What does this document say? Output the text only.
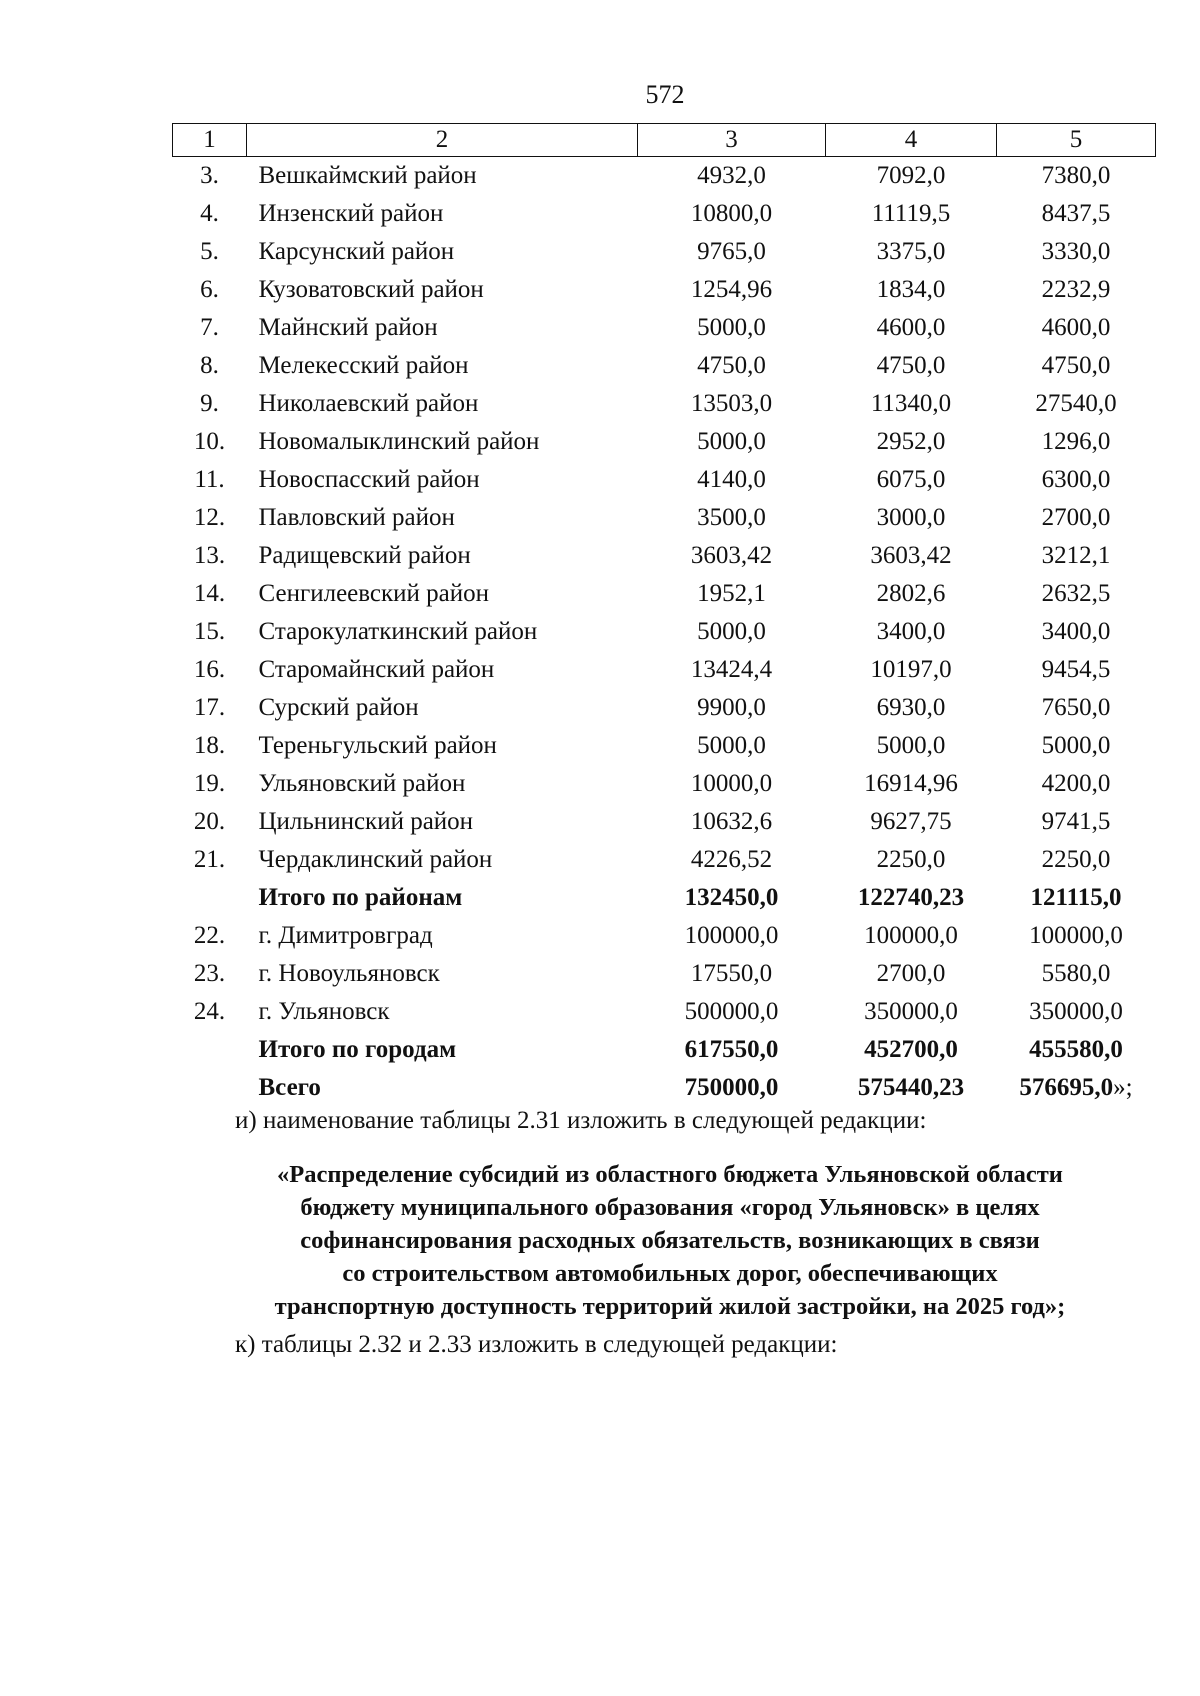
572
1	2	3	4	5
3.	Вешкаймский район	4932,0	7092,0	7380,0
4.	Инзенский район	10800,0	11119,5	8437,5
5.	Карсунский район	9765,0	3375,0	3330,0
6.	Кузоватовский район	1254,96	1834,0	2232,9
7.	Майнский район	5000,0	4600,0	4600,0
8.	Мелекесский район	4750,0	4750,0	4750,0
9.	Николаевский район	13503,0	11340,0	27540,0
10.	Новомалыклинский район	5000,0	2952,0	1296,0
11.	Новоспасский район	4140,0	6075,0	6300,0
12.	Павловский район	3500,0	3000,0	2700,0
13.	Радищевский район	3603,42	3603,42	3212,1
14.	Сенгилеевский район	1952,1	2802,6	2632,5
15.	Старокулаткинский район	5000,0	3400,0	3400,0
16.	Старомайнский район	13424,4	10197,0	9454,5
17.	Сурский район	9900,0	6930,0	7650,0
18.	Тереньгульский район	5000,0	5000,0	5000,0
19.	Ульяновский район	10000,0	16914,96	4200,0
20.	Цильнинский район	10632,6	9627,75	9741,5
21.	Чердаклинский район	4226,52	2250,0	2250,0
	Итого по районам	132450,0	122740,23	121115,0
22.	г. Димитровград	100000,0	100000,0	100000,0
23.	г. Новоульяновск	17550,0	2700,0	5580,0
24.	г. Ульяновск	500000,0	350000,0	350000,0
	Итого по городам	617550,0	452700,0	455580,0
	Всего	750000,0	575440,23	576695,0»;
и) наименование таблицы 2.31 изложить в следующей редакции:
«Распределение субсидий из областного бюджета Ульяновской области
бюджету муниципального образования «город Ульяновск» в целях
софинансирования расходных обязательств, возникающих в связи
со строительством автомобильных дорог, обеспечивающих
транспортную доступность территорий жилой застройки, на 2025 год»;
к) таблицы 2.32 и 2.33 изложить в следующей редакции:
